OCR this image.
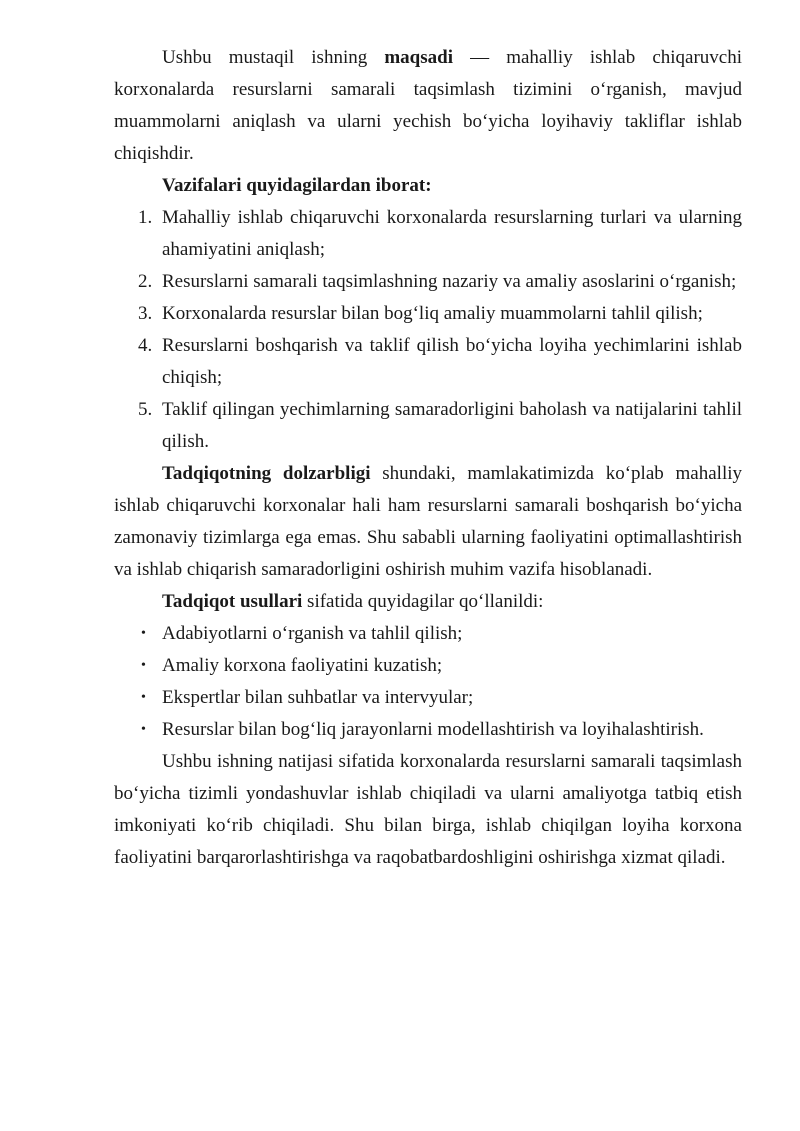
Ushbu mustaqil ishning maqsadi — mahalliy ishlab chiqaruvchi korxonalarda resurslarni samarali taqsimlash tizimini o‘rganish, mavjud muammolarni aniqlash va ularni yechish bo‘yicha loyihaviy takliflar ishlab chiqishdir.

Vazifalari quyidagilardan iborat:

1. Mahalliy ishlab chiqaruvchi korxonalarda resurslarning turlari va ularning ahamiyatini aniqlash;
2. Resurslarni samarali taqsimlashning nazariy va amaliy asoslarini o‘rganish;
3. Korxonalarda resurslar bilan bog‘liq amaliy muammolarni tahlil qilish;
4. Resurslarni boshqarish va taklif qilish bo‘yicha loyiha yechimlarini ishlab chiqish;
5. Taklif qilingan yechimlarning samaradorligini baholash va natijalarini tahlil qilish.

Tadqiqotning dolzarbligi shundaki, mamlakatimizda ko‘plab mahalliy ishlab chiqaruvchi korxonalar hali ham resurslarni samarali boshqarish bo‘yicha zamonaviy tizimlarga ega emas. Shu sababli ularning faoliyatini optimallashtirish va ishlab chiqarish samaradorligini oshirish muhim vazifa hisoblanadi.

Tadqiqot usullari sifatida quyidagilar qo‘llanildi:

• Adabiyotlarni o‘rganish va tahlil qilish;
• Amaliy korxona faoliyatini kuzatish;
• Ekspertlar bilan suhbatlar va intervyular;
• Resurslar bilan bog‘liq jarayonlarni modellashtirish va loyihalashtirish.

Ushbu ishning natijasi sifatida korxonalarda resurslarni samarali taqsimlash bo‘yicha tizimli yondashuvlar ishlab chiqiladi va ularni amaliyotga tatbiq etish imkoniyati ko‘rib chiqiladi. Shu bilan birga, ishlab chiqilgan loyiha korxona faoliyatini barqarorlashtirishga va raqobatbardoshligini oshirishga xizmat qiladi.
